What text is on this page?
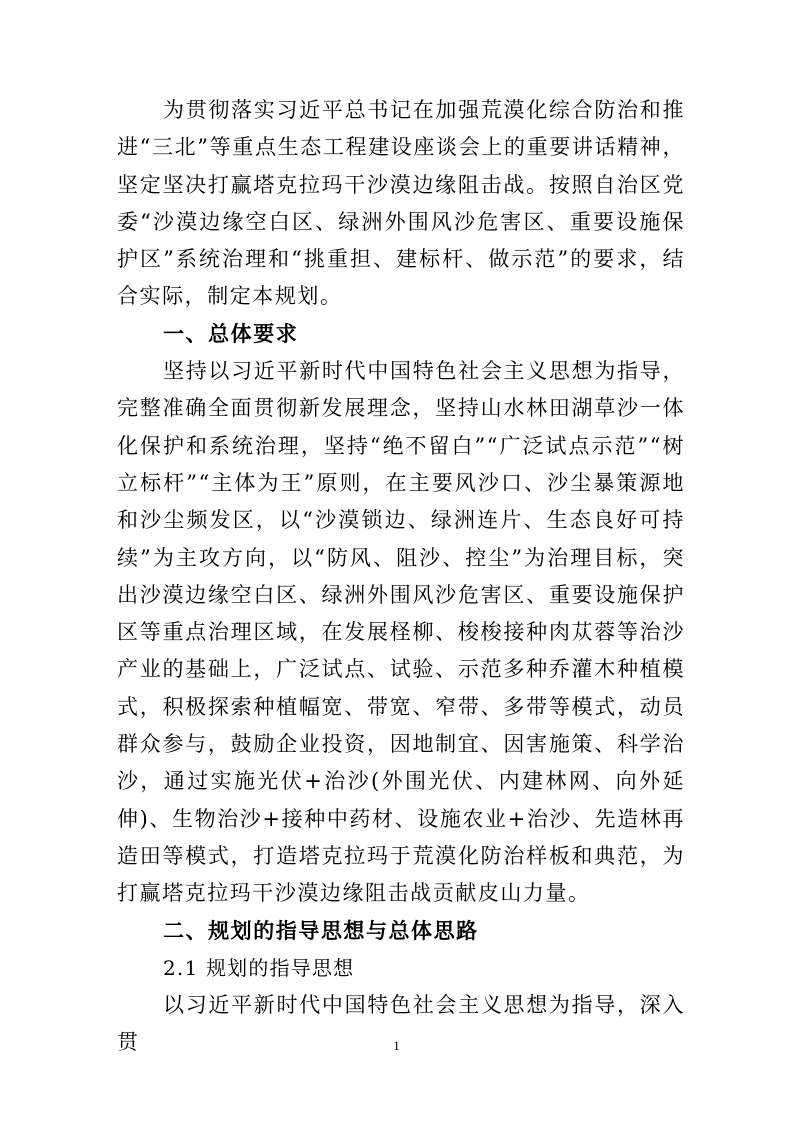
为贯彻落实习近平总书记在加强荒漠化综合防治和推进“三北”等重点生态工程建设座谈会上的重要讲话精神，坚定坚决打赢塔克拉玛干沙漠边缘阻击战。按照自治区党委“沙漠边缘空白区、绿洲外围风沙危害区、重要设施保护区”系统治理和“挑重担、建标杆、做示范”的要求，结合实际，制定本规划。

一、总体要求

坚持以习近平新时代中国特色社会主义思想为指导，完整准确全面贯彻新发展理念，坚持山水林田湖草沙一体化保护和系统治理，坚持“绝不留白”“广泛试点示范”“树立标杆”“主体为王”原则，在主要风沙口、沙尘暴策源地和沙尘频发区，以“沙漠锁边、绿洲连片、生态良好可持续”为主攻方向，以“防风、阻沙、控尘”为治理目标，突出沙漠边缘空白区、绿洲外围风沙危害区、重要设施保护区等重点治理区域，在发展柽柳、梭梭接种肉苁蓉等治沙产业的基础上，广泛试点、试验、示范多种乔灌木种植模式，积极探索种植幅宽、带宽、窄带、多带等模式，动员群众参与，鼓励企业投资，因地制宜、因害施策、科学治沙，通过实施光伏+治沙(外围光伏、内建林网、向外延伸)、生物治沙+接种中药材、设施农业+治沙、先造林再造田等模式，打造塔克拉玛于荒漠化防治样板和典范，为打赢塔克拉玛干沙漠边缘阻击战贡献皮山力量。

二、规划的指导思想与总体思路

2.1 规划的指导思想

以习近平新时代中国特色社会主义思想为指导，深入贯	1
